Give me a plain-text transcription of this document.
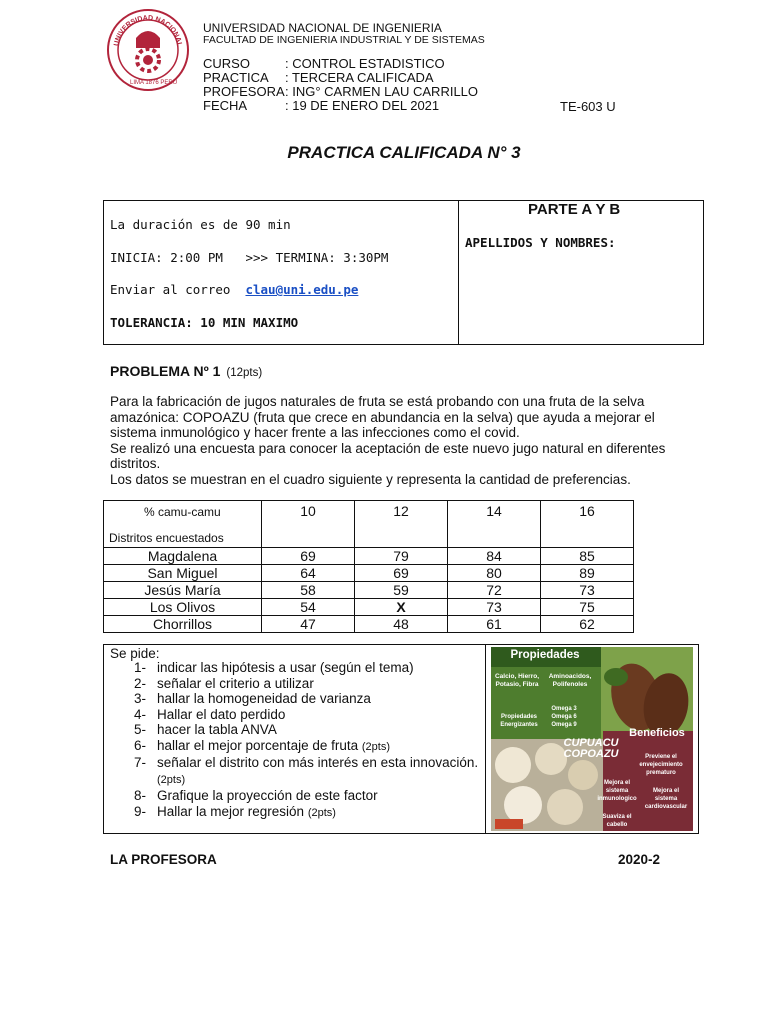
UNIVERSIDAD NACIONAL
LIMA 1876 PERU
UNIVERSIDAD NACIONAL DE INGENIERIA
FACULTAD DE INGENIERIA INDUSTRIAL Y DE SISTEMAS
CURSO	: CONTROL ESTADISTICO
PRACTICA : TERCERA CALIFICADA
PROFESORA: ING° CARMEN LAU CARRILLO
FECHA	: 19 DE ENERO DEL 2021	TE-603 U
PRACTICA CALIFICADA N° 3
La duración es de 90 min
INICIA: 2:00 PM   >>> TERMINA: 3:30PM
Enviar al correo clau@uni.edu.pe
TOLERANCIA: 10 MIN MAXIMO
PARTE A Y B
APELLIDOS Y NOMBRES:
PROBLEMA Nº 1 (12pts)

Para la fabricación de jugos naturales de fruta se está probando con una fruta de la selva amazónica: COPOAZU (fruta que crece en abundancia en la selva) que ayuda a mejorar el sistema inmunológico y hacer frente a las infecciones como el covid.

Se realizó una encuesta para conocer la aceptación de este nuevo jugo natural en diferentes distritos.

Los datos se muestran en el cuadro siguiente y representa la cantidad de preferencias.

% camu-camu
Distritos encuestados	10	12	14	16
Magdalena	69	79	84	85
San Miguel	64	69	80	89
Jesús María	58	59	72	73
Los Olivos	54	X	73	75
Chorrillos	47	48	61	62
Se pide:
1- indicar las hipótesis a usar (según el tema)
2- señalar el criterio a utilizar
3- hallar la homogeneidad de varianza
4- Hallar el dato perdido
5- hacer la tabla ANVA
6- hallar el mejor porcentaje de fruta (2pts)
7- señalar el distrito con más interés en esta innovación. (2pts)
8- Grafique la proyección de este factor
9- Hallar la mejor regresión (2pts)
Propiedades
Calcio, Hierro, Potasio, Fibra
Aminoacidos, Polifenoles
Omega 3 Omega 6 Omega 9
Propiedades Energizantes
CUPUACU
COPOAZU
Beneficios
Previene el envejecimiento prematuro
Mejora el sistema inmunologico
Mejora el sistema cardiovascular
Suaviza el cabello
LA PROFESORA	2020-2
